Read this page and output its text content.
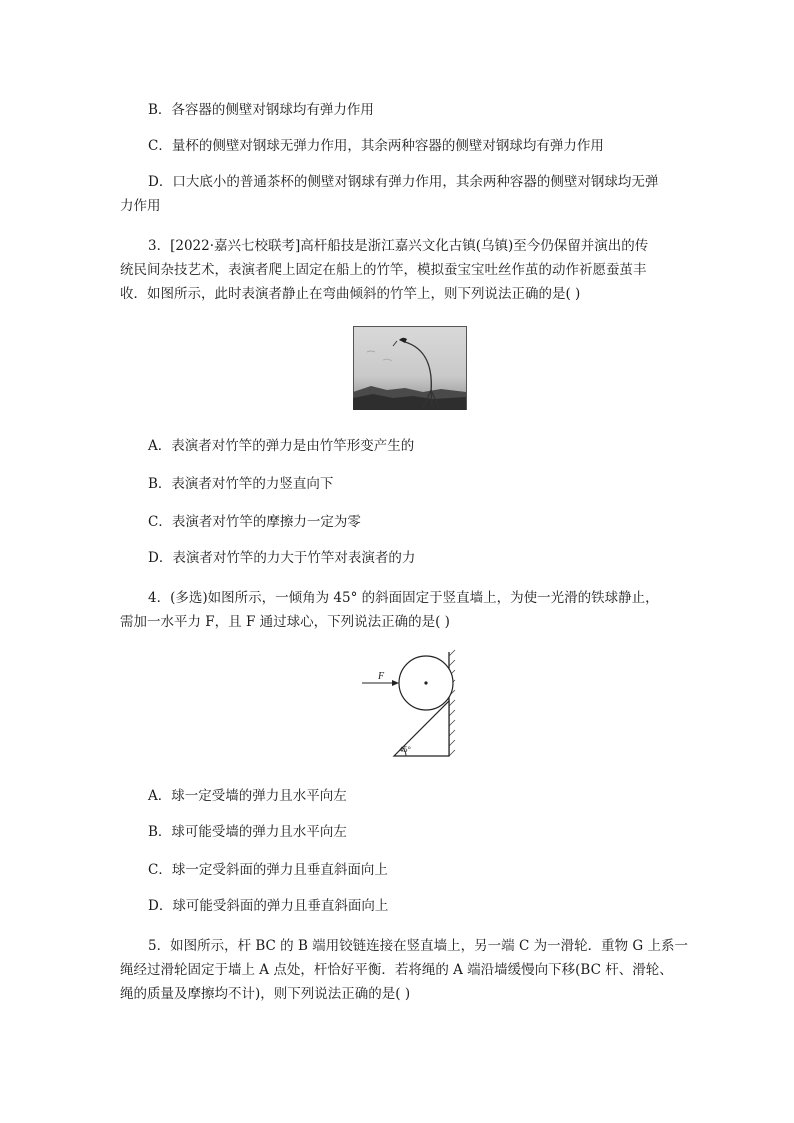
B．各容器的侧壁对钢球均有弹力作用
C．量杯的侧壁对钢球无弹力作用，其余两种容器的侧壁对钢球均有弹力作用
D．口大底小的普通茶杯的侧壁对钢球有弹力作用，其余两种容器的侧壁对钢球均无弹
力作用
3．[2022·嘉兴七校联考]高杆船技是浙江嘉兴文化古镇(乌镇)至今仍保留并演出的传
统民间杂技艺术，表演者爬上固定在船上的竹竿，模拟蚕宝宝吐丝作茧的动作祈愿蚕茧丰
收．如图所示，此时表演者静止在弯曲倾斜的竹竿上，则下列说法正确的是( )
A．表演者对竹竿的弹力是由竹竿形变产生的
B．表演者对竹竿的力竖直向下
C．表演者对竹竿的摩擦力一定为零
D．表演者对竹竿的力大于竹竿对表演者的力
4．(多选)如图所示，一倾角为 45° 的斜面固定于竖直墙上，为使一光滑的铁球静止，
需加一水平力 F，且 F 通过球心，下列说法正确的是( )
F
45°
A．球一定受墙的弹力且水平向左
B．球可能受墙的弹力且水平向左
C．球一定受斜面的弹力且垂直斜面向上
D．球可能受斜面的弹力且垂直斜面向上
5．如图所示，杆 BC 的 B 端用铰链连接在竖直墙上，另一端 C 为一滑轮．重物 G 上系一
绳经过滑轮固定于墙上 A 点处，杆恰好平衡．若将绳的 A 端沿墙缓慢向下移(BC 杆、滑轮、
绳的质量及摩擦均不计)，则下列说法正确的是( )
